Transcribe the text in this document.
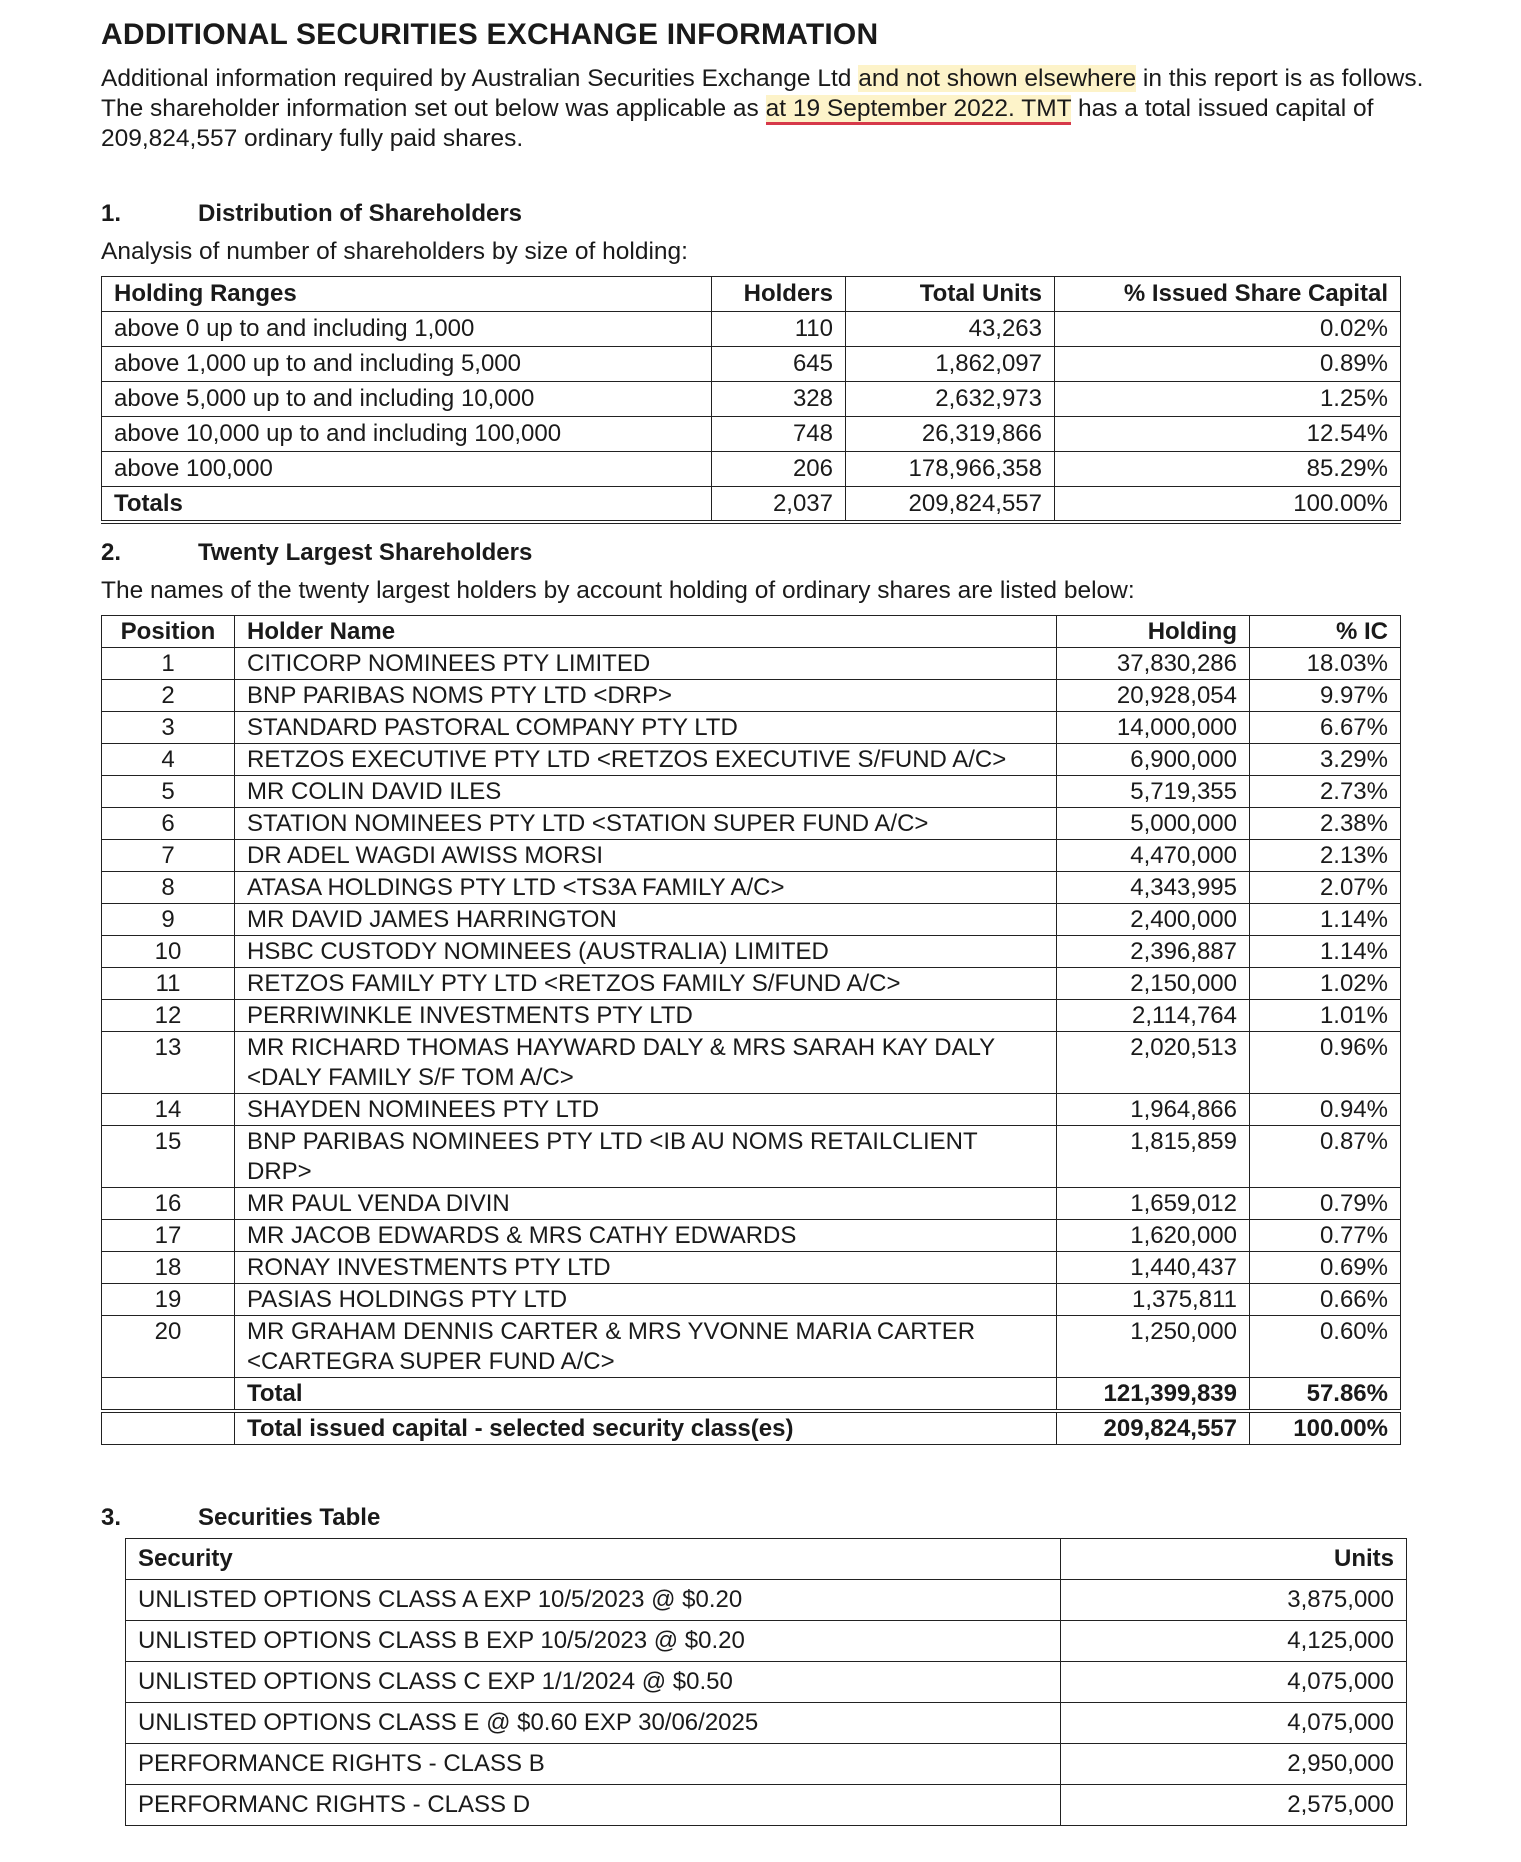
ADDITIONAL SECURITIES EXCHANGE INFORMATION

Additional information required by Australian Securities Exchange Ltd and not shown elsewhere in this report is as follows. The shareholder information set out below was applicable as at 19 September 2022. TMT has a total issued capital of 209,824,557 ordinary fully paid shares.

1.	Distribution of Shareholders

Analysis of number of shareholders by size of holding:

Holding Ranges	Holders	Total Units	% Issued Share Capital
above 0 up to and including 1,000	110	43,263	0.02%
above 1,000 up to and including 5,000	645	1,862,097	0.89%
above 5,000 up to and including 10,000	328	2,632,973	1.25%
above 10,000 up to and including 100,000	748	26,319,866	12.54%
above 100,000	206	178,966,358	85.29%
Totals	2,037	209,824,557	100.00%

2.	Twenty Largest Shareholders

The names of the twenty largest holders by account holding of ordinary shares are listed below:

Position	Holder Name	Holding	% IC
1	CITICORP NOMINEES PTY LIMITED	37,830,286	18.03%
2	BNP PARIBAS NOMS PTY LTD <DRP>	20,928,054	9.97%
3	STANDARD PASTORAL COMPANY PTY LTD	14,000,000	6.67%
4	RETZOS EXECUTIVE PTY LTD <RETZOS EXECUTIVE S/FUND A/C>	6,900,000	3.29%
5	MR COLIN DAVID ILES	5,719,355	2.73%
6	STATION NOMINEES PTY LTD <STATION SUPER FUND A/C>	5,000,000	2.38%
7	DR ADEL WAGDI AWISS MORSI	4,470,000	2.13%
8	ATASA HOLDINGS PTY LTD <TS3A FAMILY A/C>	4,343,995	2.07%
9	MR DAVID JAMES HARRINGTON	2,400,000	1.14%
10	HSBC CUSTODY NOMINEES (AUSTRALIA) LIMITED	2,396,887	1.14%
11	RETZOS FAMILY PTY LTD <RETZOS FAMILY S/FUND A/C>	2,150,000	1.02%
12	PERRIWINKLE INVESTMENTS PTY LTD	2,114,764	1.01%
13	MR RICHARD THOMAS HAYWARD DALY & MRS SARAH KAY DALY <DALY FAMILY S/F TOM A/C>	2,020,513	0.96%
14	SHAYDEN NOMINEES PTY LTD	1,964,866	0.94%
15	BNP PARIBAS NOMINEES PTY LTD <IB AU NOMS RETAILCLIENT DRP>	1,815,859	0.87%
16	MR PAUL VENDA DIVIN	1,659,012	0.79%
17	MR JACOB EDWARDS & MRS CATHY EDWARDS	1,620,000	0.77%
18	RONAY INVESTMENTS PTY LTD	1,440,437	0.69%
19	PASIAS HOLDINGS PTY LTD	1,375,811	0.66%
20	MR GRAHAM DENNIS CARTER & MRS YVONNE MARIA CARTER <CARTEGRA SUPER FUND A/C>	1,250,000	0.60%
	Total	121,399,839	57.86%
	Total issued capital - selected security class(es)	209,824,557	100.00%

3.	Securities Table

Security	Units
UNLISTED OPTIONS CLASS A EXP 10/5/2023 @ $0.20	3,875,000
UNLISTED OPTIONS CLASS B EXP 10/5/2023 @ $0.20	4,125,000
UNLISTED OPTIONS CLASS C EXP 1/1/2024 @ $0.50	4,075,000
UNLISTED OPTIONS CLASS E @ $0.60 EXP 30/06/2025	4,075,000
PERFORMANCE RIGHTS - CLASS B	2,950,000
PERFORMANC RIGHTS - CLASS D	2,575,000
